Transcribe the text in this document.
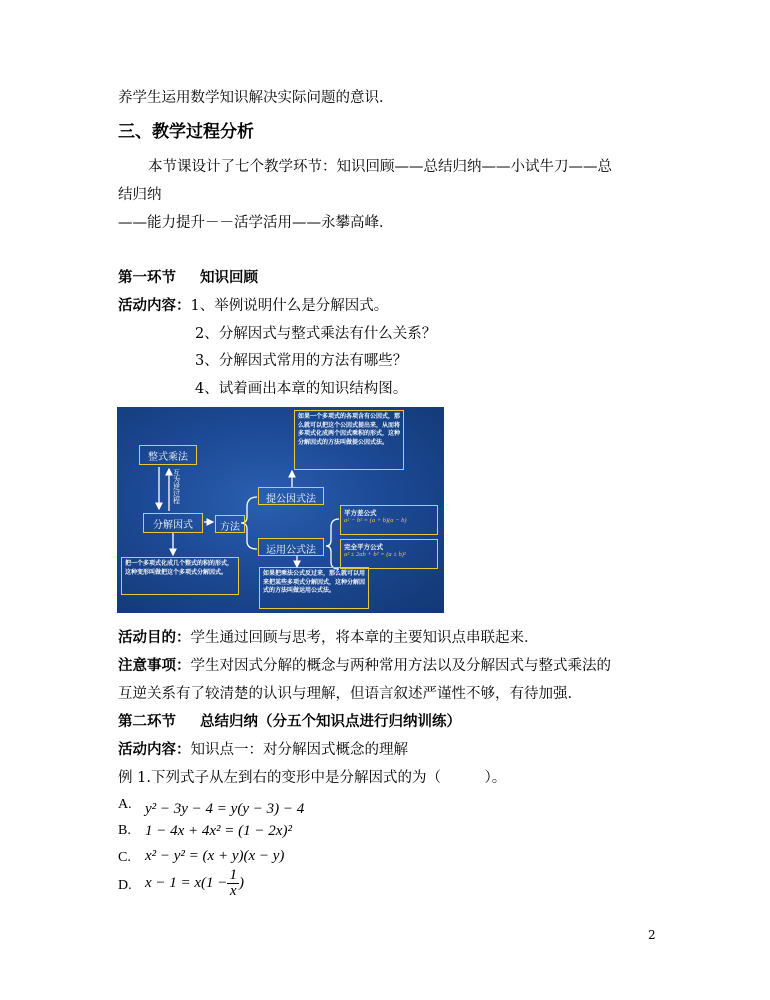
养学生运用数学知识解决实际问题的意识．
三、教学过程分析
本节课设计了七个教学环节：知识回顾——总结归纳——小试牛刀——总
结归纳
——能力提升－－活学活用——永攀高峰．
第一环节 知识回顾
活动内容：1、举例说明什么是分解因式。
2、分解因式与整式乘法有什么关系？
3、分解因式常用的方法有哪些？
4、试着画出本章的知识结构图。
整式乘法
互为逆过程
分解因式	方法
提公因式法
运用公式法
如果一个多项式的各项含有公因式，那么就可以把这个公因式提出来，从而将多项式化成两个因式乘积的形式，这种分解因式的方法叫做提公因式法。
把一个多项式化成几个整式的积的形式，这种变形叫做把这个多项式分解因式。	如果把乘法公式反过来，那么就可以用来把某些多项式分解因式，这种分解因式的方法叫做运用公式法。
平方差公式
a² − b² = (a + b)(a − b)
完全平方公式
a² ± 2ab + b² = (a ± b)²
活动目的：学生通过回顾与思考，将本章的主要知识点串联起来．
注意事项：学生对因式分解的概念与两种常用方法以及分解因式与整式乘法的
互逆关系有了较清楚的认识与理解，但语言叙述严谨性不够，有待加强．
第二环节 总结归纳（分五个知识点进行归纳训练）
活动内容：知识点一：对分解因式概念的理解
例 1.下列式子从左到右的变形中是分解因式的为（　　　）。
A. y² − 3y − 4 = y(y − 3) − 4
B. 1 − 4x + 4x² = (1 − 2x)²
C. x² − y² = (x + y)(x − y)
D. $x - 1 = x(1 - \frac{1}{x}$ )
2
